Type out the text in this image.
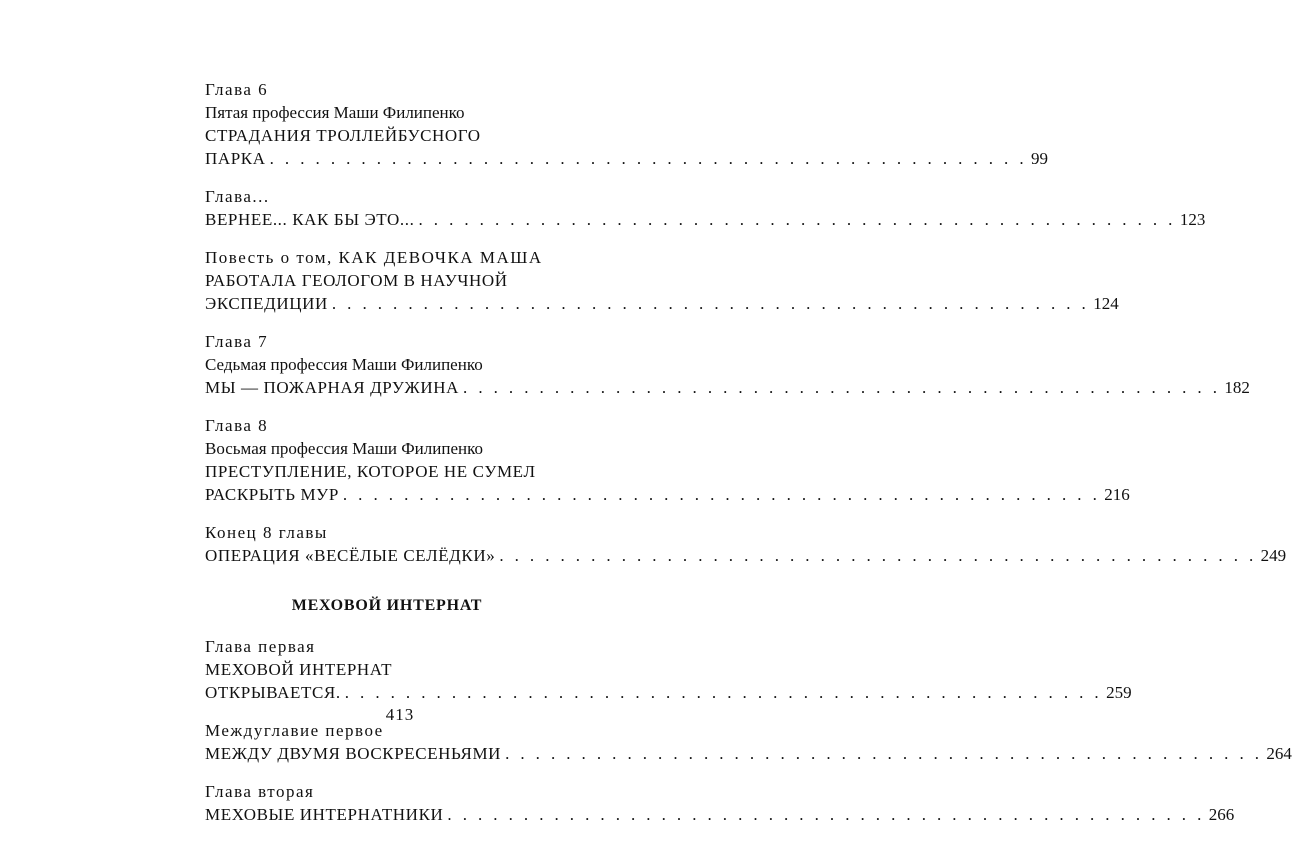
Глава 6
Пятая профессия Маши Филипенко
СТРАДАНИЯ ТРОЛЛЕЙБУСНОГО
ПАРКА . . . . . . . . . . . . . . . . . . . . . . . . . . . . . . . . . . . . . . . . . . . . . . . . . . 99
Глава...
ВЕРНЕЕ... КАК БЫ ЭТО... . . . . . . . . . . . . . . . . . . . . . . . . . . . . . . . . . . . . . . . . . . . . . . . . . . 123
Повесть о том, КАК ДЕВОЧКА МАША
РАБОТАЛА ГЕОЛОГОМ В НАУЧНОЙ
ЭКСПЕДИЦИИ . . . . . . . . . . . . . . . . . . . . . . . . . . . . . . . . . . . . . . . . . . . . . . . . . . 124
Глава 7
Седьмая профессия Маши Филипенко
МЫ — ПОЖАРНАЯ ДРУЖИНА . . . . . . . . . . . . . . . . . . . . . . . . . . . . . . . . . . . . . . . . . . . . . . . . . . 182
Глава 8
Восьмая профессия Маши Филипенко
ПРЕСТУПЛЕНИЕ, КОТОРОЕ НЕ СУМЕЛ
РАСКРЫТЬ МУР . . . . . . . . . . . . . . . . . . . . . . . . . . . . . . . . . . . . . . . . . . . . . . . . . . 216
Конец 8 главы
ОПЕРАЦИЯ «ВЕСЁЛЫЕ СЕЛЁДКИ» . . . . . . . . . . . . . . . . . . . . . . . . . . . . . . . . . . . . . . . . . . . . . . . . . . 249
МЕХОВОЙ ИНТЕРНАТ
Глава первая
МЕХОВОЙ ИНТЕРНАТ
ОТКРЫВАЕТСЯ. . . . . . . . . . . . . . . . . . . . . . . . . . . . . . . . . . . . . . . . . . . . . . . . . . . 259
Междуглавие первое
МЕЖДУ ДВУМЯ ВОСКРЕСЕНЬЯМИ . . . . . . . . . . . . . . . . . . . . . . . . . . . . . . . . . . . . . . . . . . . . . . . . . . 264
Глава вторая
МЕХОВЫЕ ИНТЕРНАТНИКИ . . . . . . . . . . . . . . . . . . . . . . . . . . . . . . . . . . . . . . . . . . . . . . . . . . 266
413
